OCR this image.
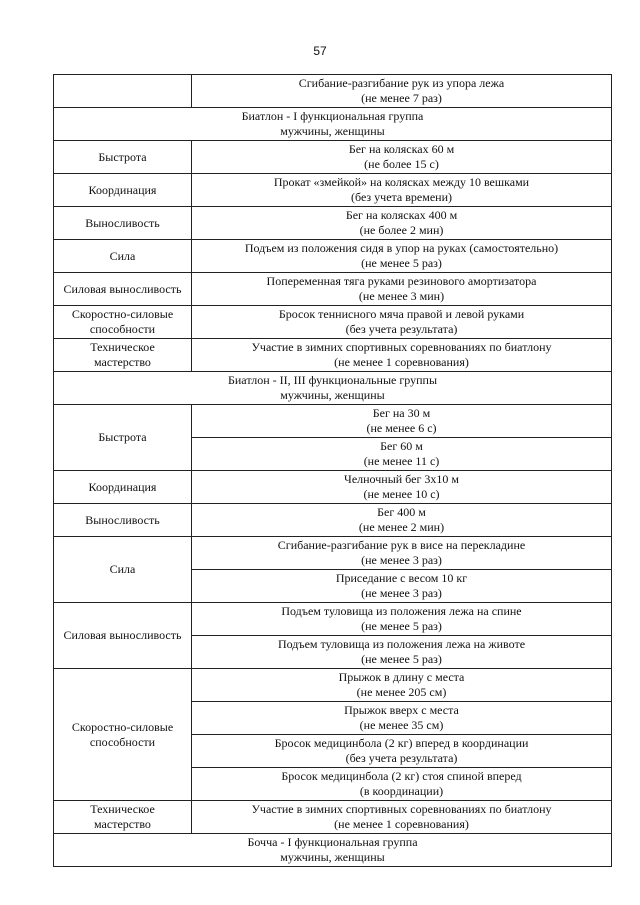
57

	Сгибание-разгибание рук из упора лежа
(не менее 7 раз)

Биатлон - I функциональная группа
мужчины, женщины	

Быстрота	Бег на колясках 60 м
(не более 15 с)

Координация	Прокат «змейкой» на колясках между 10 вешками
(без учета времени)

Выносливость	Бег на колясках 400 м
(не более 2 мин)

Сила	Подъем из положения сидя в упор на руках (самостоятельно)
(не менее 5 раз)

Силовая выносливость	Попеременная тяга руками резинового амортизатора
(не менее 3 мин)

Скоростно-силовые
способности	Бросок теннисного мяча правой и левой руками
(без учета результата)

Техническое
мастерство	Участие в зимних спортивных соревнованиях по биатлону
(не менее 1 соревнования)

Биатлон - II, III функциональные группы
мужчины, женщины	

Быстрота	Бег на 30 м
(не менее 6 с)

	Бег 60 м
(не менее 11 с)

Координация	Челночный бег 3х10 м
(не менее 10 с)

Выносливость	Бег 400 м
(не менее 2 мин)

Сила	Сгибание-разгибание рук в висе на перекладине
(не менее 3 раз)

	Приседание с весом 10 кг
(не менее 3 раз)

Силовая выносливость	Подъем туловища из положения лежа на спине
(не менее 5 раз)

	Подъем туловища из положения лежа на животе
(не менее 5 раз)

Скоростно-силовые
способности	Прыжок в длину с места
(не менее 205 см)

	Прыжок вверх с места
(не менее 35 см)

	Бросок медицинбола (2 кг) вперед в координации
(без учета результата)

	Бросок медицинбола (2 кг) стоя спиной вперед
(в координации)

Техническое
мастерство	Участие в зимних спортивных соревнованиях по биатлону
(не менее 1 соревнования)

Бочча - I функциональная группа
мужчины, женщины	
